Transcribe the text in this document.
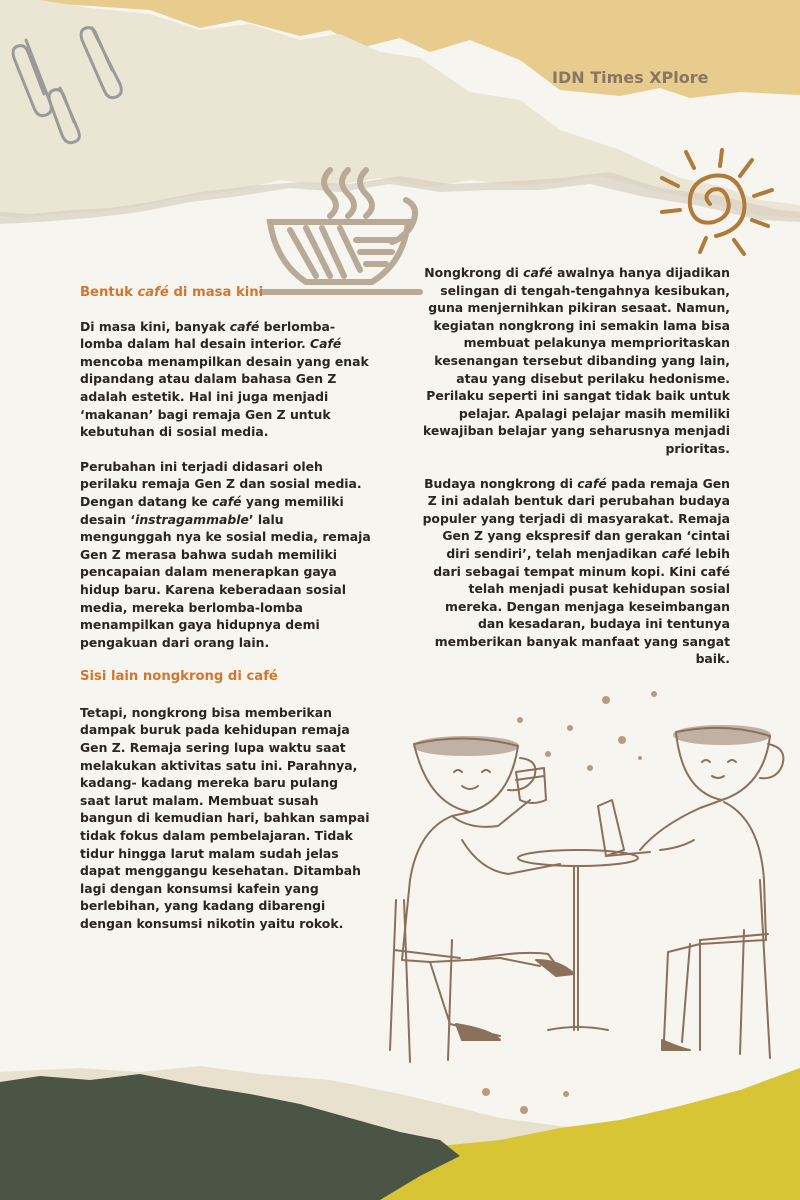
IDN Times XPlore

Bentuk café di masa kini

Di masa kini, banyak café berlomba-lomba dalam hal desain interior. Café mencoba menampilkan desain yang enak dipandang atau dalam bahasa Gen Z adalah estetik. Hal ini juga menjadi ‘makanan’ bagi remaja Gen Z untuk kebutuhan di sosial media.

Perubahan ini terjadi didasari oleh perilaku remaja Gen Z dan sosial media. Dengan datang ke café yang memiliki desain ‘instragammable’ lalu mengunggah nya ke sosial media, remaja Gen Z merasa bahwa sudah memiliki pencapaian dalam menerapkan gaya hidup baru. Karena keberadaan sosial media, mereka berlomba-lomba menampilkan gaya hidupnya demi pengakuan dari orang lain.

Sisi lain nongkrong di café

Tetapi, nongkrong bisa memberikan dampak buruk pada kehidupan remaja Gen Z. Remaja sering lupa waktu saat melakukan aktivitas satu ini. Parahnya, kadang- kadang mereka baru pulang saat larut malam. Membuat susah bangun di kemudian hari, bahkan sampai tidak fokus dalam pembelajaran. Tidak tidur hingga larut malam sudah jelas dapat menggangu kesehatan. Ditambah lagi dengan konsumsi kafein yang berlebihan, yang kadang dibarengi dengan konsumsi nikotin yaitu rokok.

Nongkrong di café awalnya hanya dijadikan selingan di tengah-tengahnya kesibukan, guna menjernihkan pikiran sesaat. Namun, kegiatan nongkrong ini semakin lama bisa membuat pelakunya memprioritaskan kesenangan tersebut dibanding yang lain, atau yang disebut perilaku hedonisme. Perilaku seperti ini sangat tidak baik untuk pelajar. Apalagi pelajar masih memiliki kewajiban belajar yang seharusnya menjadi prioritas.

Budaya nongkrong di café pada remaja Gen Z ini adalah bentuk dari perubahan budaya populer yang terjadi di masyarakat. Remaja Gen Z yang ekspresif dan gerakan ‘cintai diri sendiri’, telah menjadikan café lebih dari sebagai tempat minum kopi. Kini café telah menjadi pusat kehidupan sosial mereka. Dengan menjaga keseimbangan dan kesadaran, budaya ini tentunya memberikan banyak manfaat yang sangat baik.
